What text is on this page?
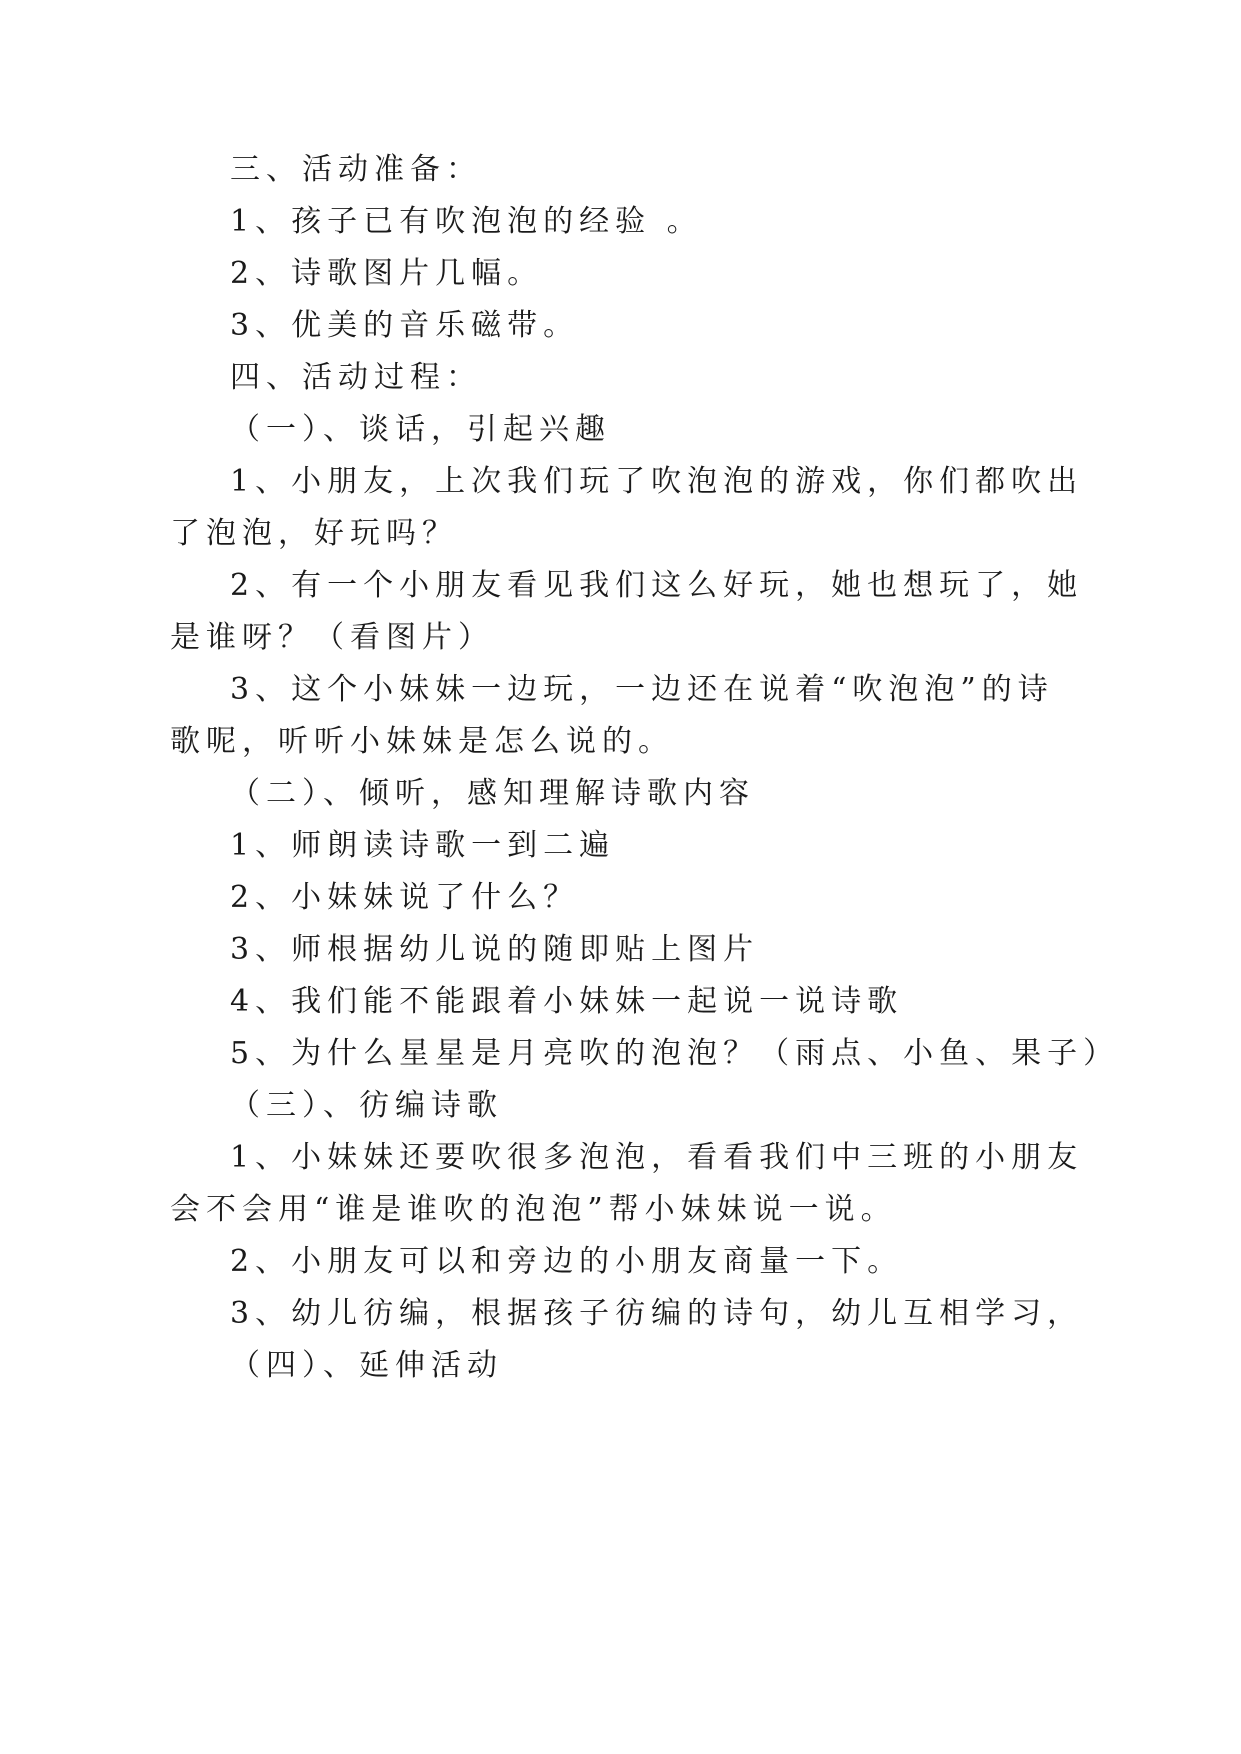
三、活动准备：
1、孩子已有吹泡泡的经验 。
2、诗歌图片几幅。
3、优美的音乐磁带。
四、活动过程：
（一）、谈话，引起兴趣
1、小朋友，上次我们玩了吹泡泡的游戏，你们都吹出
了泡泡，好玩吗？
2、有一个小朋友看见我们这么好玩，她也想玩了，她
是谁呀？（看图片）
3、这个小妹妹一边玩，一边还在说着“吹泡泡”的诗
歌呢，听听小妹妹是怎么说的。
（二）、倾听，感知理解诗歌内容
1、师朗读诗歌一到二遍
2、小妹妹说了什么？
3、师根据幼儿说的随即贴上图片
4、我们能不能跟着小妹妹一起说一说诗歌
5、为什么星星是月亮吹的泡泡？（雨点、小鱼、果子）
（三）、彷编诗歌
1、小妹妹还要吹很多泡泡，看看我们中三班的小朋友
会不会用“谁是谁吹的泡泡”帮小妹妹说一说。
2、小朋友可以和旁边的小朋友商量一下。
3、幼儿彷编，根据孩子彷编的诗句，幼儿互相学习，
（四）、延伸活动
